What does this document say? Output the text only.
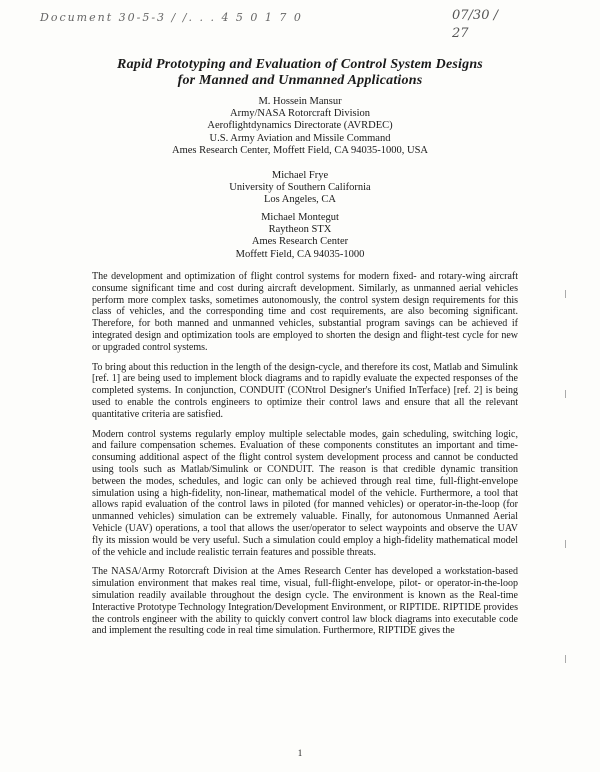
Document 30-5-3 / /. . . 4 5 0 1 7 0	07/30 / 27
Rapid Prototyping and Evaluation of Control System Designs
for Manned and Unmanned Applications
M. Hossein Mansur
Army/NASA Rotorcraft Division
Aeroflightdynamics Directorate (AVRDEC)
U.S. Army Aviation and Missile Command
Ames Research Center, Moffett Field, CA 94035-1000, USA
Michael Frye
University of Southern California
Los Angeles, CA
Michael Montegut
Raytheon STX
Ames Research Center
Moffett Field, CA 94035-1000

The development and optimization of flight control systems for modern fixed- and rotary-wing aircraft consume significant time and cost during aircraft development. Similarly, as unmanned aerial vehicles perform more complex tasks, sometimes autonomously, the control system design requirements for this class of vehicles, and the corresponding time and cost requirements, are also becoming significant. Therefore, for both manned and unmanned vehicles, substantial program savings can be achieved if integrated design and optimization tools are employed to shorten the design and flight-test cycle for new or upgraded control systems.

To bring about this reduction in the length of the design-cycle, and therefore its cost, Matlab and Simulink [ref. 1] are being used to implement block diagrams and to rapidly evaluate the expected responses of the completed systems. In conjunction, CONDUIT (CONtrol Designer's Unified InTerface) [ref. 2] is being used to enable the controls engineers to optimize their control laws and ensure that all the relevant quantitative criteria are satisfied.

Modern control systems regularly employ multiple selectable modes, gain scheduling, switching logic, and failure compensation schemes. Evaluation of these components constitutes an important and time-consuming additional aspect of the flight control system development process and cannot be conducted using tools such as Matlab/Simulink or CONDUIT. The reason is that credible dynamic transition between the modes, schedules, and logic can only be achieved through real time, full-flight-envelope simulation using a high-fidelity, non-linear, mathematical model of the vehicle. Furthermore, a tool that allows rapid evaluation of the control laws in piloted (for manned vehicles) or operator-in-the-loop (for unmanned vehicles) simulation can be extremely valuable. Finally, for autonomous Unmanned Aerial Vehicle (UAV) operations, a tool that allows the user/operator to select waypoints and observe the UAV fly its mission would be very useful. Such a simulation could employ a high-fidelity mathematical model of the vehicle and include realistic terrain features and possible threats.

The NASA/Army Rotorcraft Division at the Ames Research Center has developed a workstation-based simulation environment that makes real time, visual, full-flight-envelope, pilot- or operator-in-the-loop simulation readily available throughout the design cycle. The environment is known as the Real-time Interactive Prototype Technology Integration/Development Environment, or RIPTIDE. RIPTIDE provides the controls engineer with the ability to quickly convert control law block diagrams into executable code and implement the resulting code in real time simulation. Furthermore, RIPTIDE gives the

1
